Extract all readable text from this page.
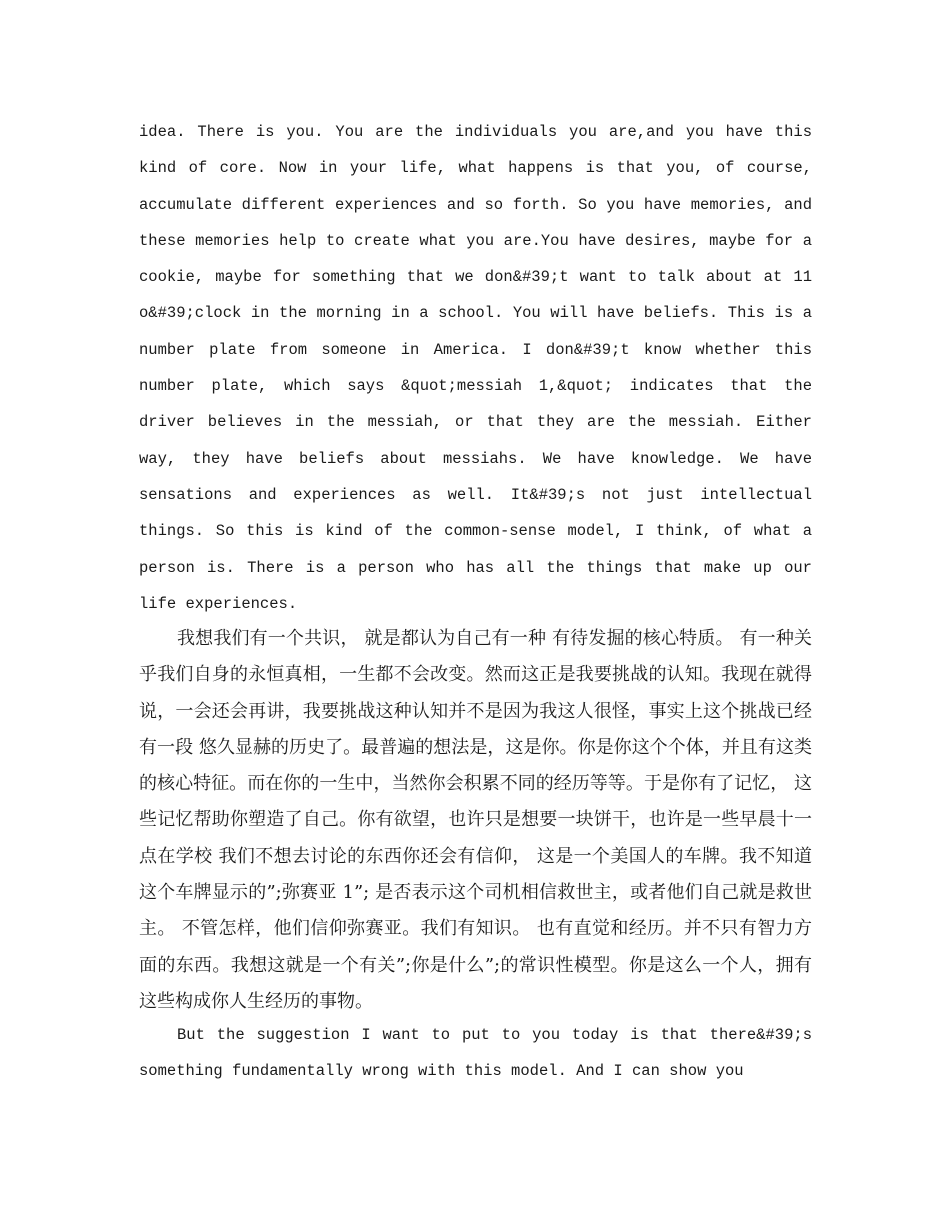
idea. There is you. You are the individuals you are,and you have this kind of core. Now in your life, what happens is that you, of course, accumulate different experiences and so forth. So you have memories, and these memories help to create what you are.You have desires, maybe for a cookie, maybe for something that we don&#39;t want to talk about at 11 o&#39;clock in the morning in a school. You will have beliefs. This is a number plate from someone in America. I don&#39;t know whether this number plate, which says &quot;messiah 1,&quot; indicates that the driver believes in the messiah, or that they are the messiah. Either way, they have beliefs about messiahs. We have knowledge. We have sensations and experiences as well. It&#39;s not just intellectual things. So this is kind of the common-sense model, I think, of what a person is. There is a person who has all the things that make up our life experiences.

我想我们有一个共识， 就是都认为自己有一种 有待发掘的核心特质。 有一种关乎我们自身的永恒真相，一生都不会改变。然而这正是我要挑战的认知。我现在就得说，一会还会再讲，我要挑战这种认知并不是因为我这人很怪，事实上这个挑战已经有一段 悠久显赫的历史了。最普遍的想法是，这是你。你是你这个个体，并且有这类的核心特征。而在你的一生中，当然你会积累不同的经历等等。于是你有了记忆， 这些记忆帮助你塑造了自己。你有欲望，也许只是想要一块饼干，也许是一些早晨十一点在学校 我们不想去讨论的东西你还会有信仰， 这是一个美国人的车牌。我不知道这个车牌显示的”;弥赛亚 1”; 是否表示这个司机相信救世主，或者他们自己就是救世主。 不管怎样，他们信仰弥赛亚。我们有知识。 也有直觉和经历。并不只有智力方面的东西。我想这就是一个有关”;你是什么”;的常识性模型。你是这么一个人，拥有这些构成你人生经历的事物。

But the suggestion I want to put to you today is that there&#39;s something fundamentally wrong with this model. And I can show you
